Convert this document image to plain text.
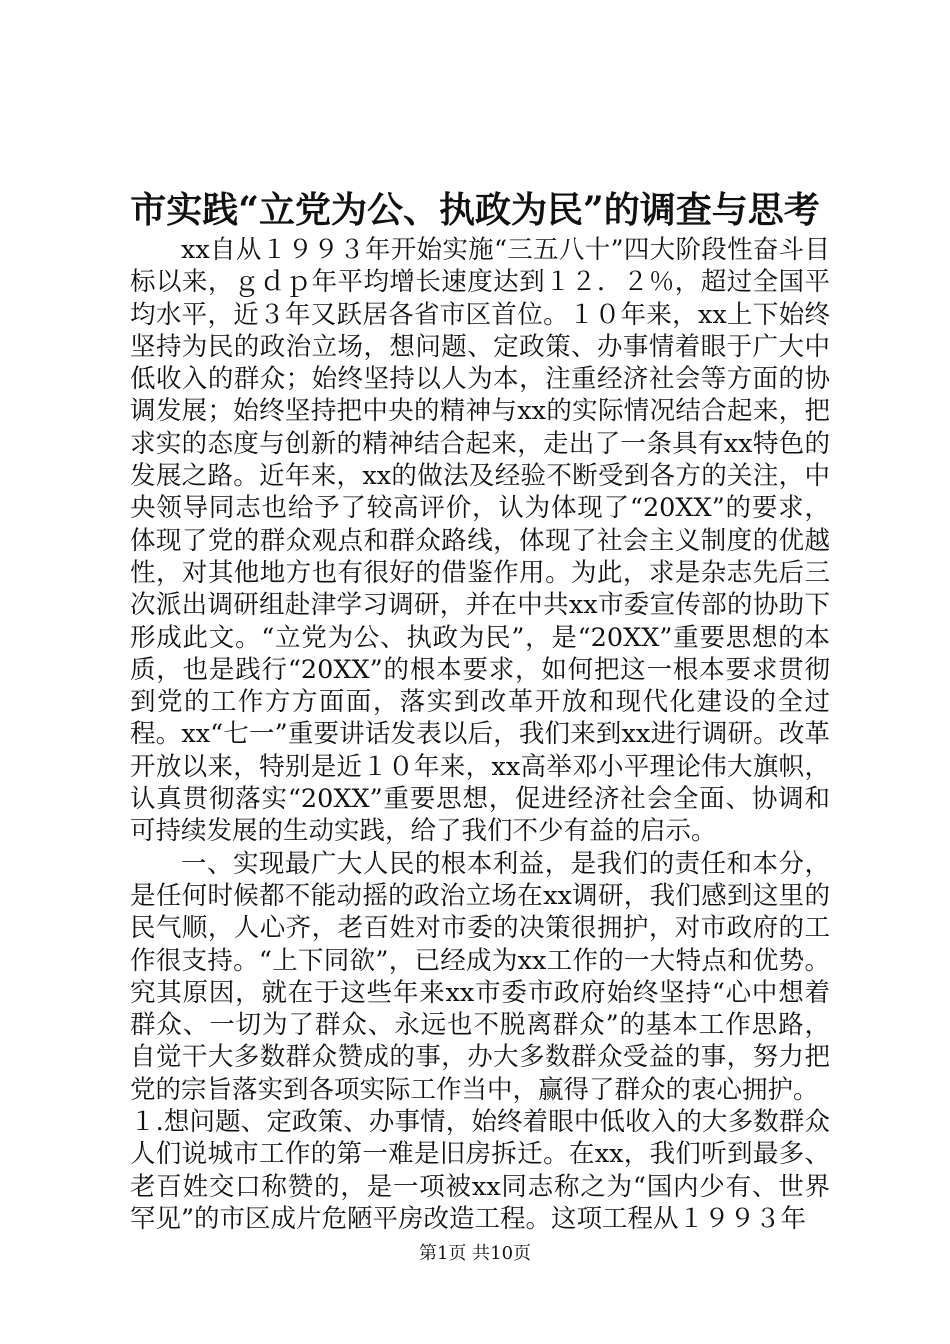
市实践“立党为公、执政为民”的调查与思考

xx自从１９９３年开始实施“三五八十”四大阶段性奋斗目标以来，ｇｄｐ年平均增长速度达到１２．２％，超过全国平均水平，近３年又跃居各省市区首位。１０年来，xx上下始终坚持为民的政治立场，想问题、定政策、办事情着眼于广大中低收入的群众；始终坚持以人为本，注重经济社会等方面的协调发展；始终坚持把中央的精神与xx的实际情况结合起来，把求实的态度与创新的精神结合起来，走出了一条具有xx特色的发展之路。近年来，xx的做法及经验不断受到各方的关注，中央领导同志也给予了较高评价，认为体现了“20XX”的要求，体现了党的群众观点和群众路线，体现了社会主义制度的优越性，对其他地方也有很好的借鉴作用。为此，求是杂志先后三次派出调研组赴津学习调研，并在中共xx市委宣传部的协助下形成此文。“立党为公、执政为民”，是“20XX”重要思想的本质，也是践行“20XX”的根本要求，如何把这一根本要求贯彻到党的工作方方面面，落实到改革开放和现代化建设的全过程。xx“七一”重要讲话发表以后，我们来到xx进行调研。改革开放以来，特别是近１０年来，xx高举邓小平理论伟大旗帜，认真贯彻落实“20XX”重要思想，促进经济社会全面、协调和可持续发展的生动实践，给了我们不少有益的启示。

一、实现最广大人民的根本利益，是我们的责任和本分，是任何时候都不能动摇的政治立场在xx调研，我们感到这里的民气顺，人心齐，老百姓对市委的决策很拥护，对市政府的工作很支持。“上下同欲”，已经成为xx工作的一大特点和优势。究其原因，就在于这些年来xx市委市政府始终坚持“心中想着群众、一切为了群众、永远也不脱离群众”的基本工作思路，自觉干大多数群众赞成的事，办大多数群众受益的事，努力把党的宗旨落实到各项实际工作当中，赢得了群众的衷心拥护。

１.想问题、定政策、办事情，始终着眼中低收入的大多数群众人们说城市工作的第一难是旧房拆迁。在xx，我们听到最多、老百姓交口称赞的，是一项被xx同志称之为“国内少有、世界罕见”的市区成片危陋平房改造工程。这项工程从１９９３年

第1页 共10页
